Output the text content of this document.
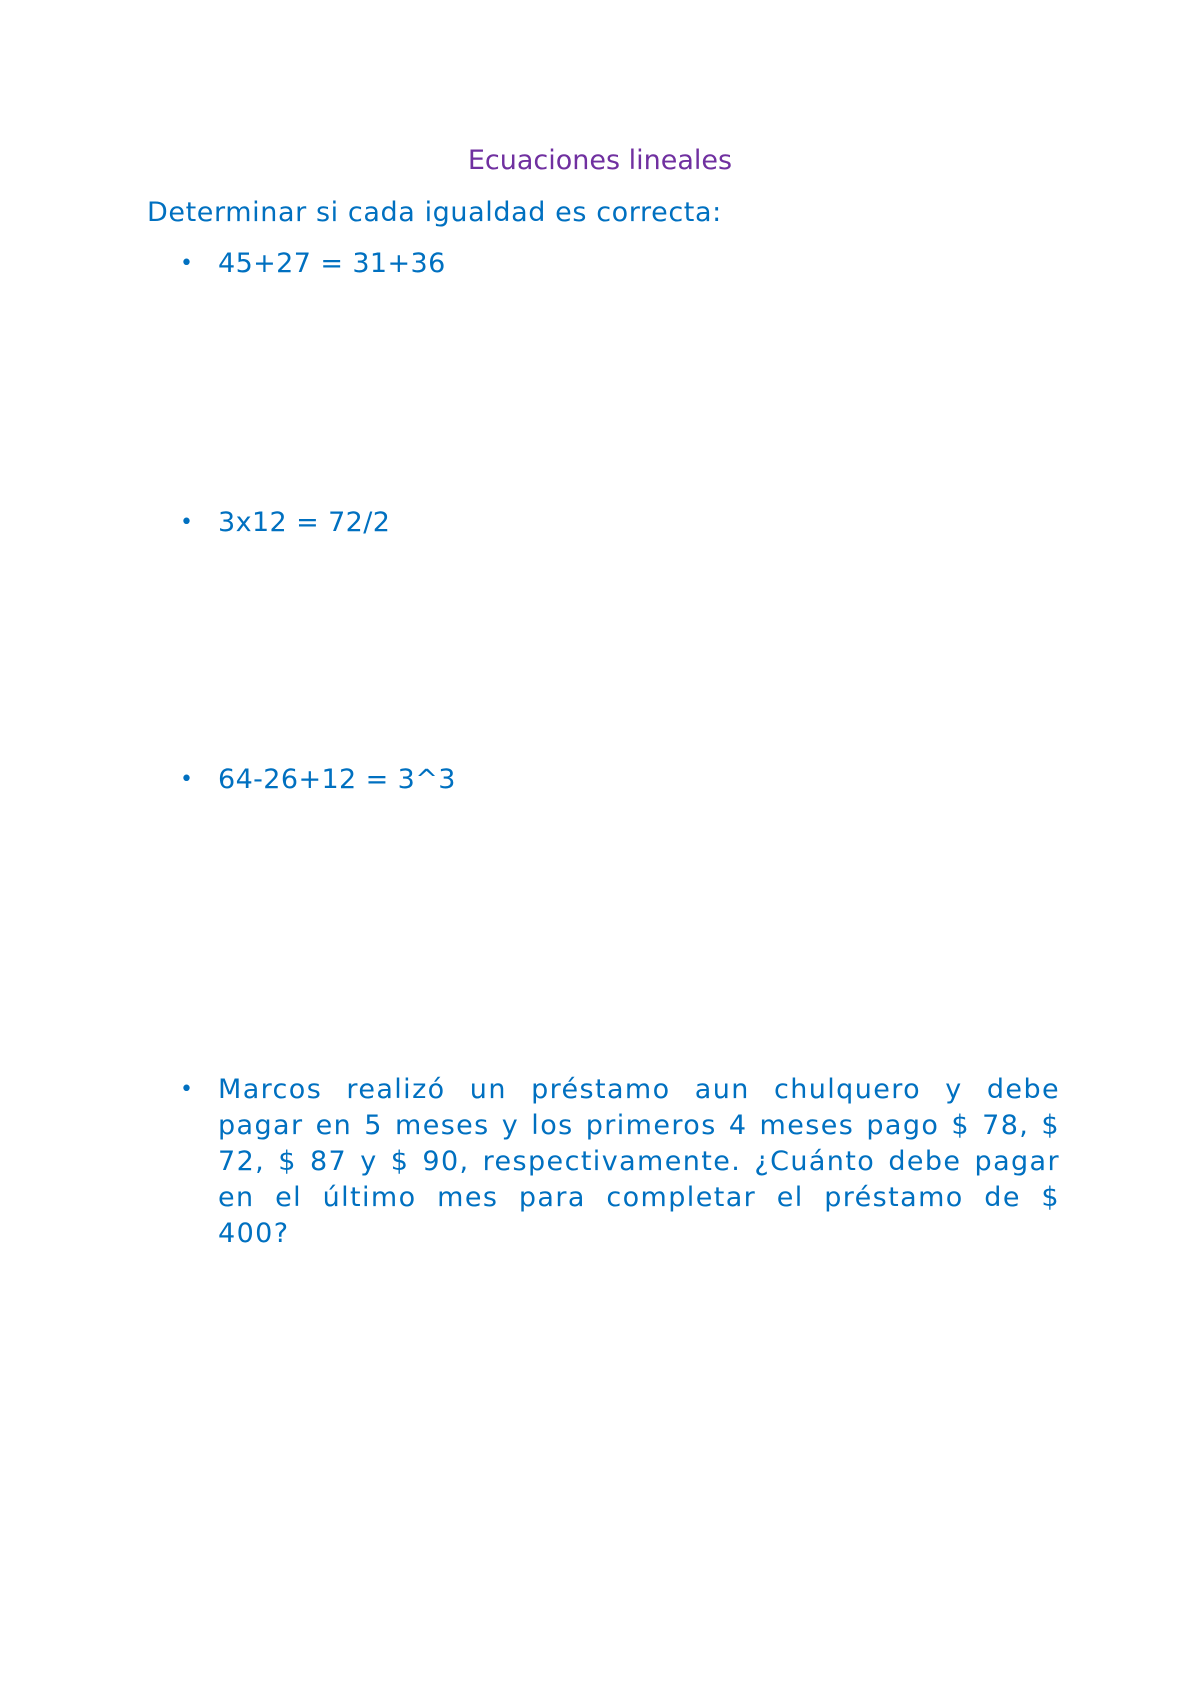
Ecuaciones lineales
Determinar si cada igualdad es correcta:
• 45+27 = 31+36
• 3x12 = 72/2
• 64-26+12 = 3^3
• Marcos realizó un préstamo aun chulquero y debe pagar en 5 meses y los primeros 4 meses pago $ 78, $ 72, $ 87 y $ 90, respectivamente. ¿Cuánto debe pagar en el último mes para completar el préstamo de $ 400?
